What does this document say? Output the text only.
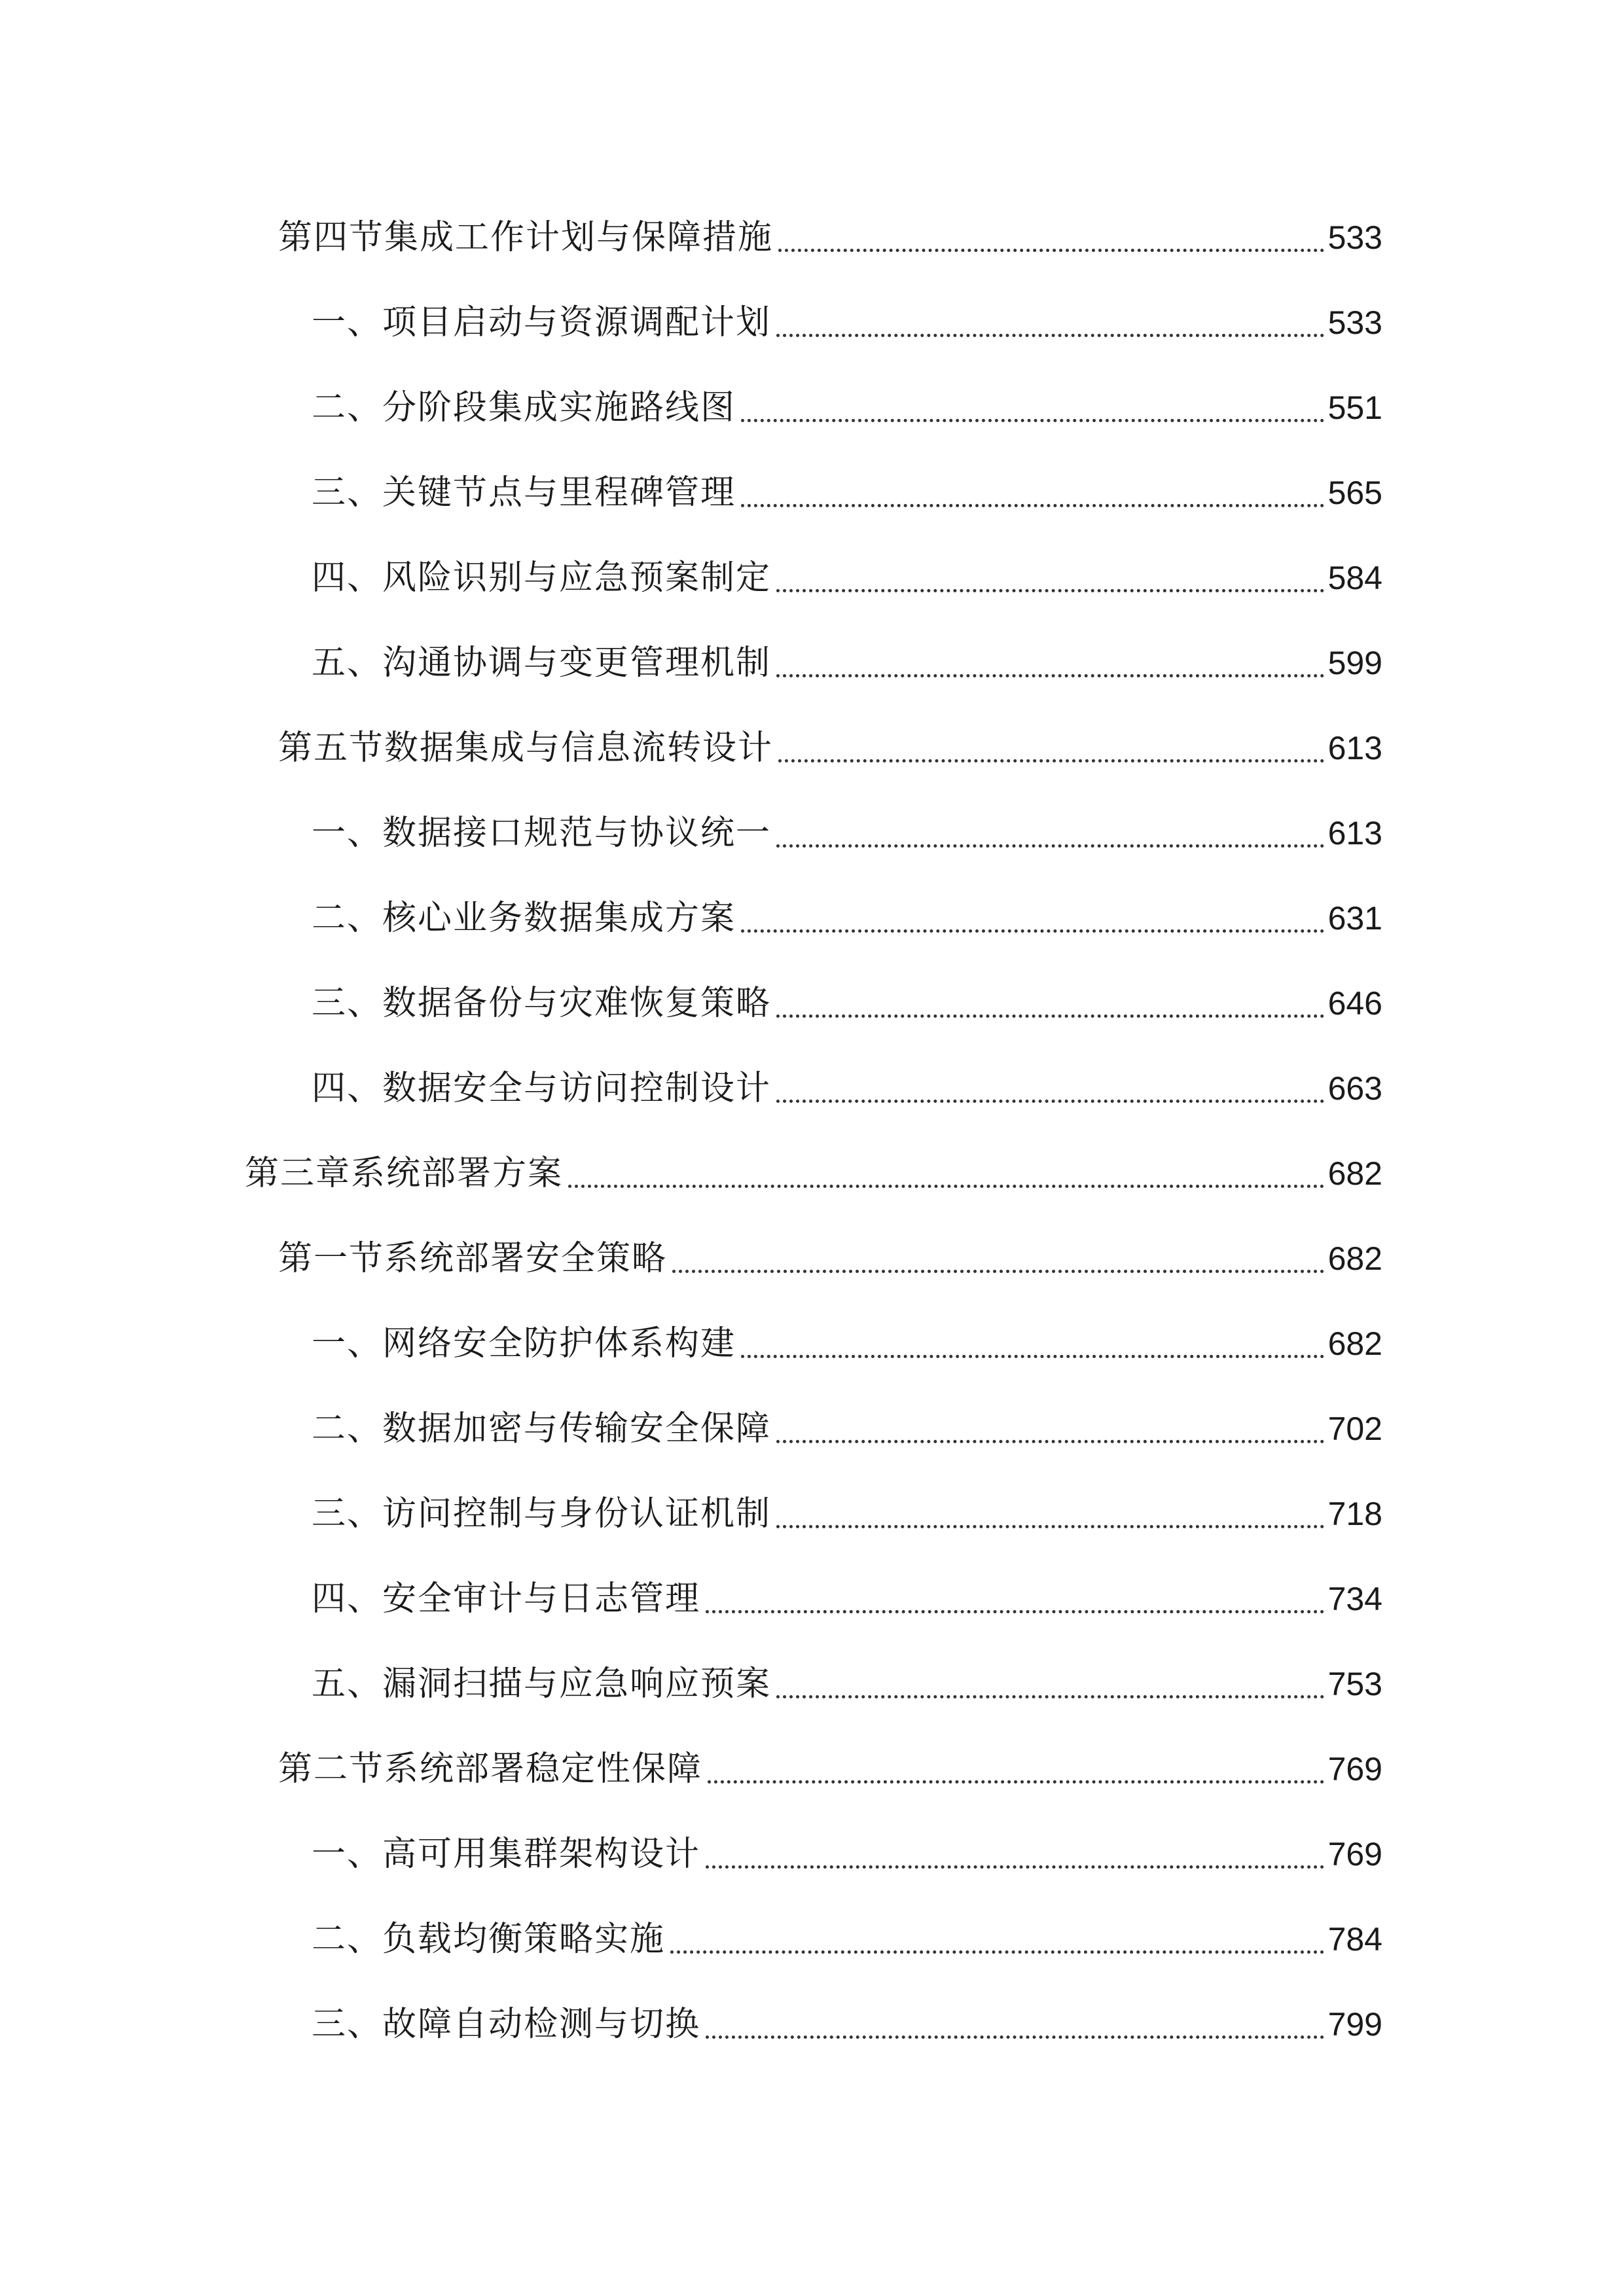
第四节集成工作计划与保障措施	533
一、项目启动与资源调配计划	533
二、分阶段集成实施路线图	551
三、关键节点与里程碑管理	565
四、风险识别与应急预案制定	584
五、沟通协调与变更管理机制	599
第五节数据集成与信息流转设计	613
一、数据接口规范与协议统一	613
二、核心业务数据集成方案	631
三、数据备份与灾难恢复策略	646
四、数据安全与访问控制设计	663
第三章系统部署方案	682
第一节系统部署安全策略	682
一、网络安全防护体系构建	682
二、数据加密与传输安全保障	702
三、访问控制与身份认证机制	718
四、安全审计与日志管理	734
五、漏洞扫描与应急响应预案	753
第二节系统部署稳定性保障	769
一、高可用集群架构设计	769
二、负载均衡策略实施	784
三、故障自动检测与切换	799
